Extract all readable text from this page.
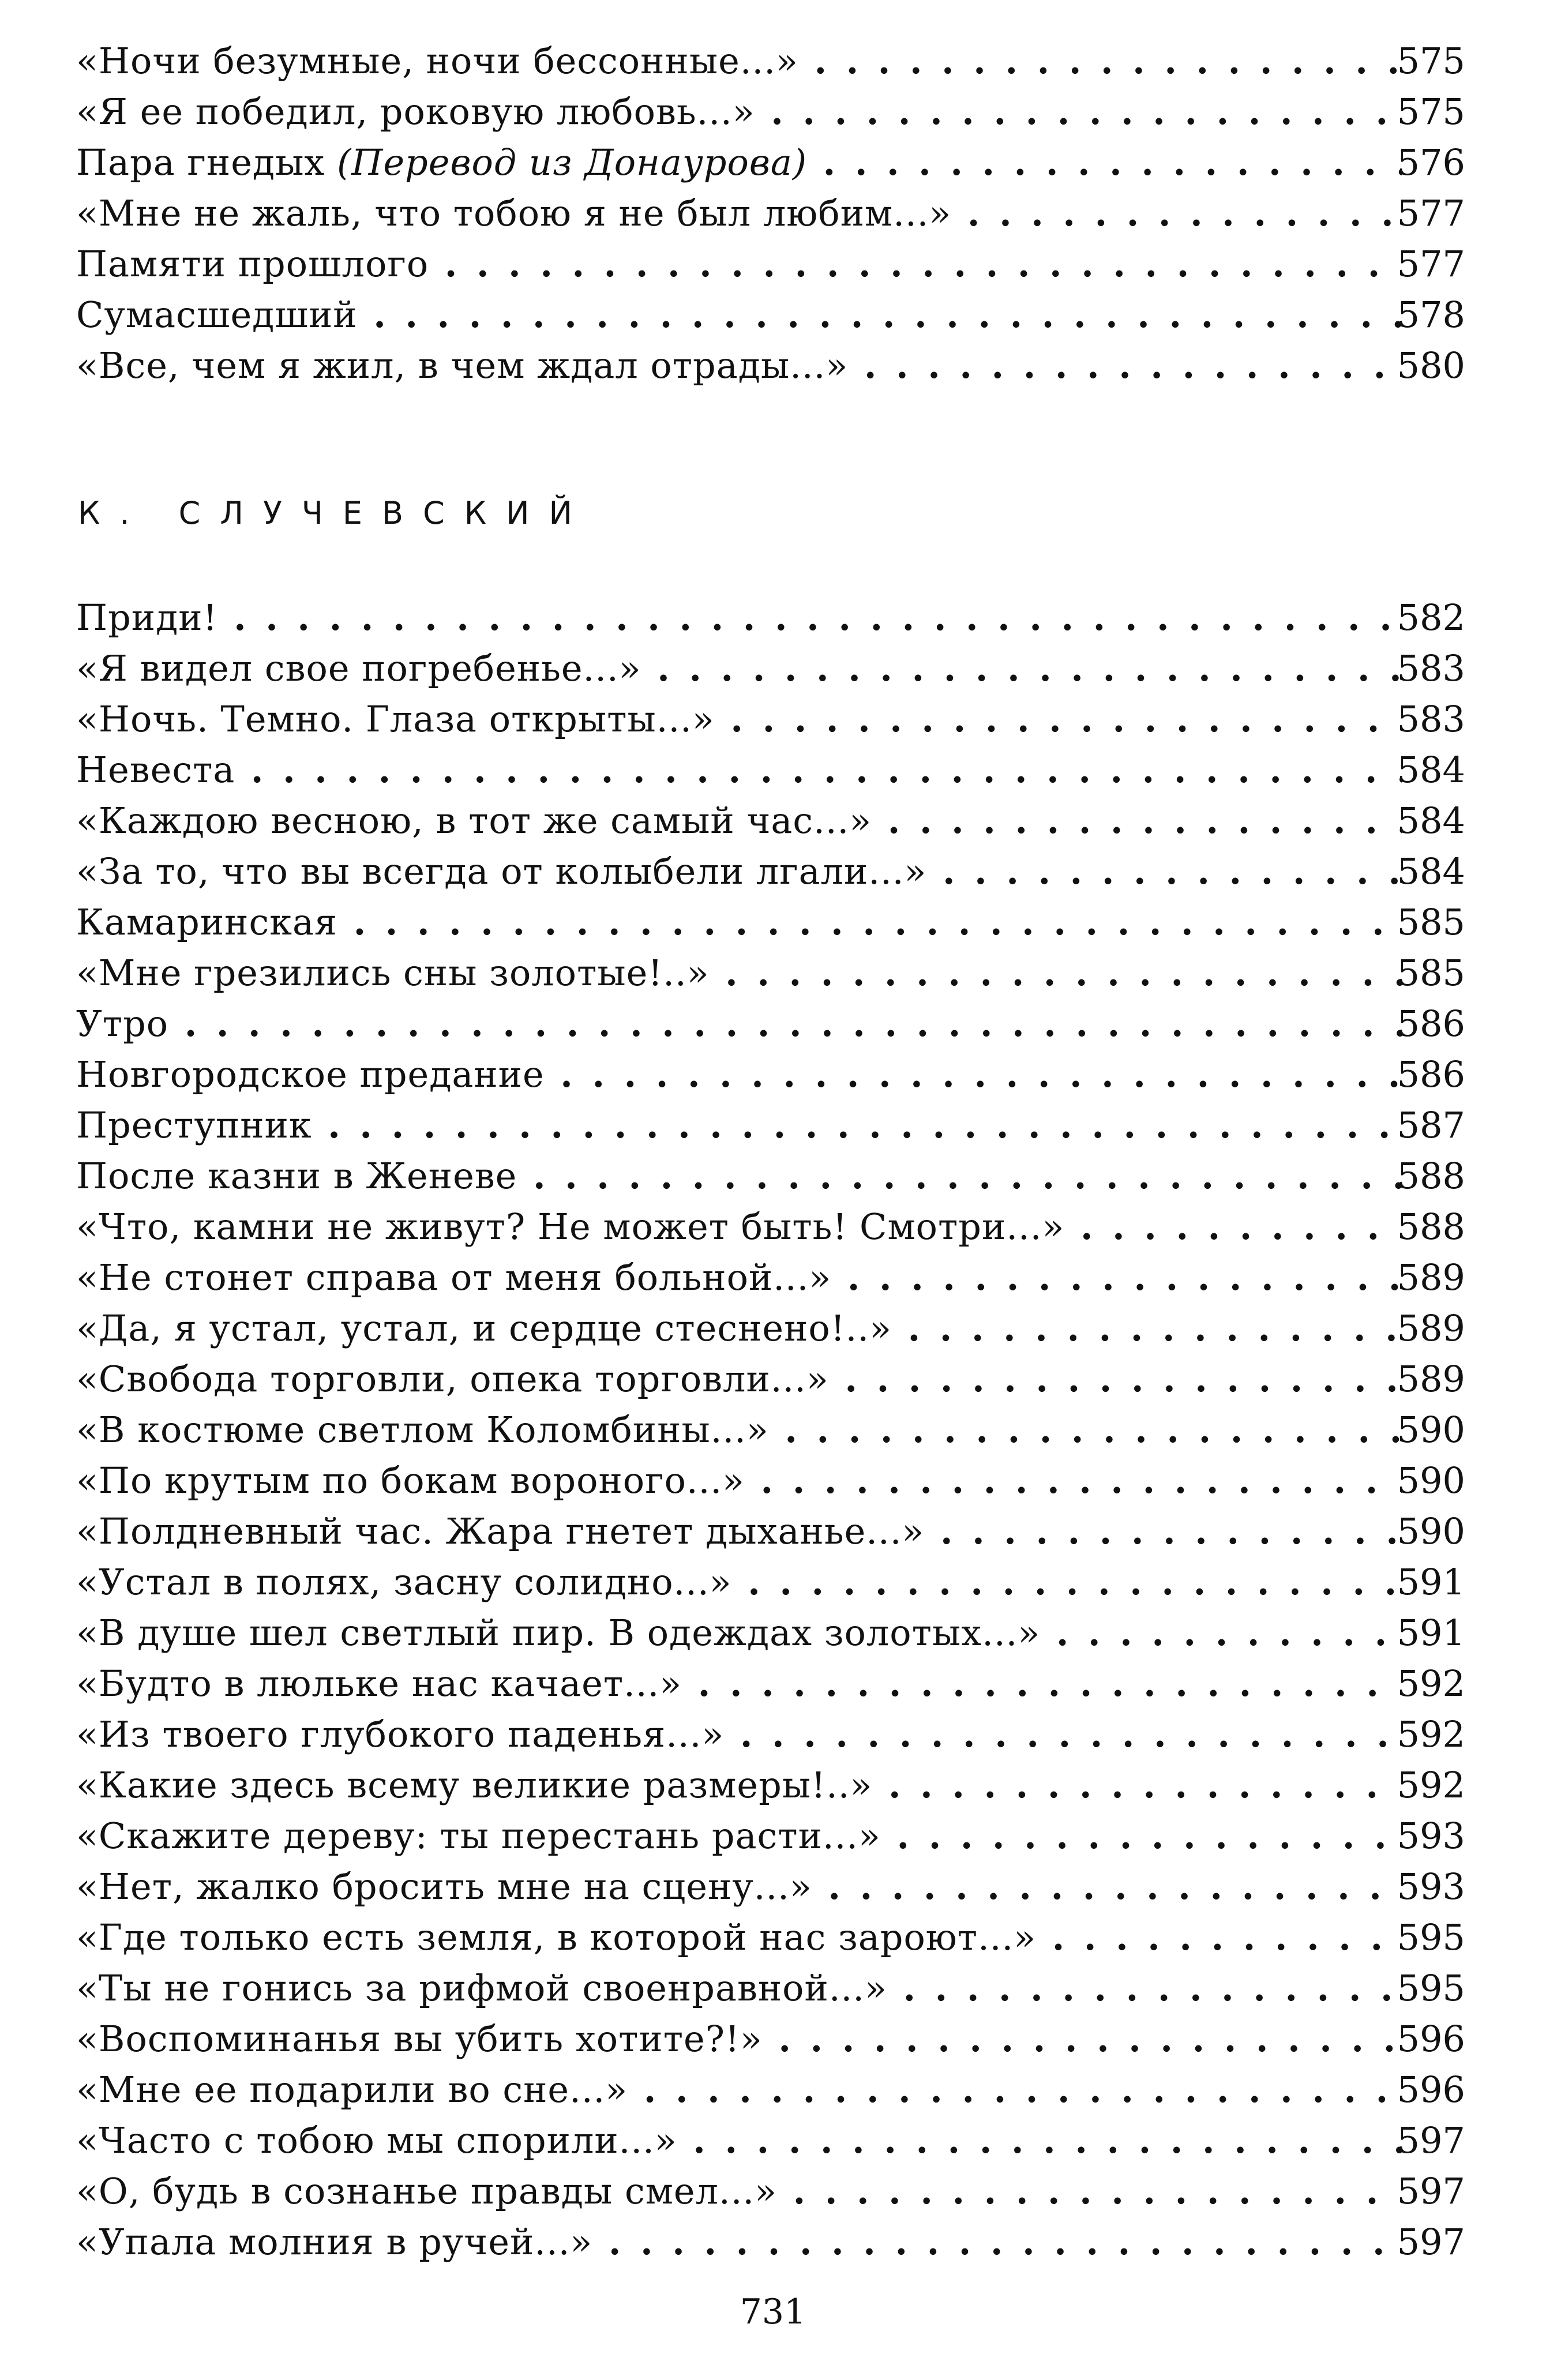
«Ночи безумные, ночи бессонные...» . . .	575
«Я ее победил, роковую любовь...» . . .	575
Пара гнедых (Перевод из Донаурова) . . .	576
«Мне не жаль, что тобою я не был любим...» . . .	577
Памяти прошлого . . .	577
Сумасшедший . . .	578
«Все, чем я жил, в чем ждал отрады...» . . .	580
К. СЛУЧЕВСКИЙ
Приди! . . .	582
«Я видел свое погребенье...» . . .	583
«Ночь. Темно. Глаза открыты...» . . .	583
Невеста . . .	584
«Каждою весною, в тот же самый час...» . . .	584
«За то, что вы всегда от колыбели лгали...» . . .	584
Камаринская . . .	585
«Мне грезились сны золотые!..» . . .	585
Утро . . .	586
Новгородское предание . . .	586
Преступник . . .	587
После казни в Женеве . . .	588
«Что, камни не живут? Не может быть! Смотри...» . . .	588
«Не стонет справа от меня больной...» . . .	589
«Да, я устал, устал, и сердце стеснено!..» . . .	589
«Свобода торговли, опека торговли...» . . .	589
«В костюме светлом Коломбины...» . . .	590
«По крутым по бокам вороного...» . . .	590
«Полдневный час. Жара гнетет дыханье...» . . .	590
«Устал в полях, засну солидно...» . . .	591
«В душе шел светлый пир. В одеждах золотых...» . . .	591
«Будто в люльке нас качает...» . . .	592
«Из твоего глубокого паденья...» . . .	592
«Какие здесь всему великие размеры!..» . . .	592
«Скажите дереву: ты перестань расти...» . . .	593
«Нет, жалко бросить мне на сцену...» . . .	593
«Где только есть земля, в которой нас зароют...» . . .	595
«Ты не гонись за рифмой своенравной...» . . .	595
«Воспоминанья вы убить хотите?!» . . .	596
«Мне ее подарили во сне...» . . .	596
«Часто с тобою мы спорили...» . . .	597
«О, будь в сознанье правды смел...» . . .	597
«Упала молния в ручей...» . . .	597
731
